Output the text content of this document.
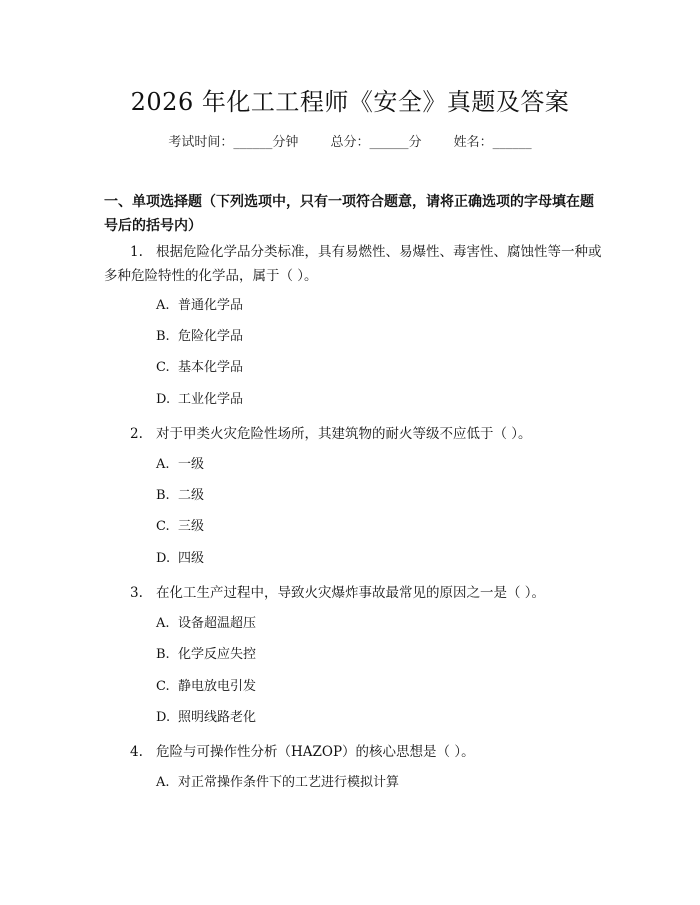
2026 年化工工程师《安全》真题及答案
考试时间：______分钟 总分：______分 姓名：______
一、单项选择题（下列选项中，只有一项符合题意，请将正确选项的字母填在题号后的括号内）
1. 根据危险化学品分类标准，具有易燃性、易爆性、毒害性、腐蚀性等一种或多种危险特性的化学品，属于（ ）。
A. 普通化学品
B. 危险化学品
C. 基本化学品
D. 工业化学品
2. 对于甲类火灾危险性场所，其建筑物的耐火等级不应低于（ ）。
A. 一级
B. 二级
C. 三级
D. 四级
3. 在化工生产过程中，导致火灾爆炸事故最常见的原因之一是（ ）。
A. 设备超温超压
B. 化学反应失控
C. 静电放电引发
D. 照明线路老化
4. 危险与可操作性分析（HAZOP）的核心思想是（ ）。
A. 对正常操作条件下的工艺进行模拟计算
